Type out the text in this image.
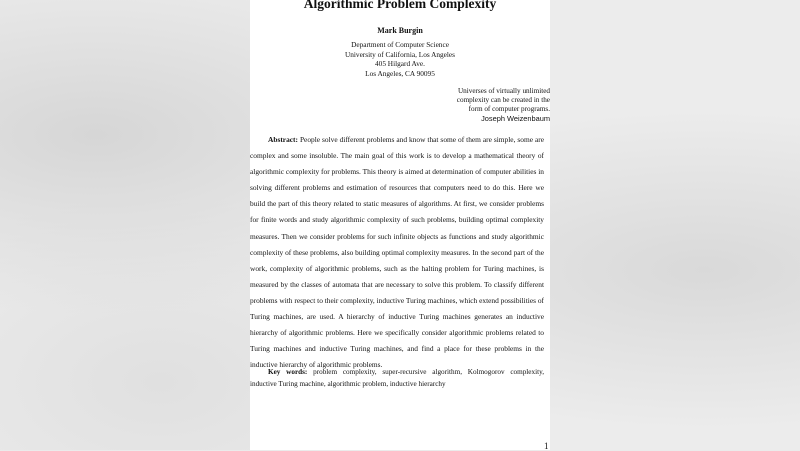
Algorithmic Problem Complexity
Mark Burgin
Department of Computer Science
University of California, Los Angeles
405 Hilgard Ave.
Los Angeles, CA 90095
Universes of virtually unlimited
complexity can be created in the
form of computer programs.
Joseph Weizenbaum

Abstract: People solve different problems and know that some of them are simple, some are complex and some insoluble. The main goal of this work is to develop a mathematical theory of algorithmic complexity for problems. This theory is aimed at determination of computer abilities in solving different problems and estimation of resources that computers need to do this. Here we build the part of this theory related to static measures of algorithms. At first, we consider problems for finite words and study algorithmic complexity of such problems, building optimal complexity measures. Then we consider problems for such infinite objects as functions and study algorithmic complexity of these problems, also building optimal complexity measures. In the second part of the work, complexity of algorithmic problems, such as the halting problem for Turing machines, is measured by the classes of automata that are necessary to solve this problem. To classify different problems with respect to their complexity, inductive Turing machines, which extend possibilities of Turing machines, are used. A hierarchy of inductive Turing machines generates an inductive hierarchy of algorithmic problems. Here we specifically consider algorithmic problems related to Turing machines and inductive Turing machines, and find a place for these problems in the inductive hierarchy of algorithmic problems.

Key words: problem complexity, super-recursive algorithm, Kolmogorov complexity, inductive Turing machine, algorithmic problem, inductive hierarchy

1
